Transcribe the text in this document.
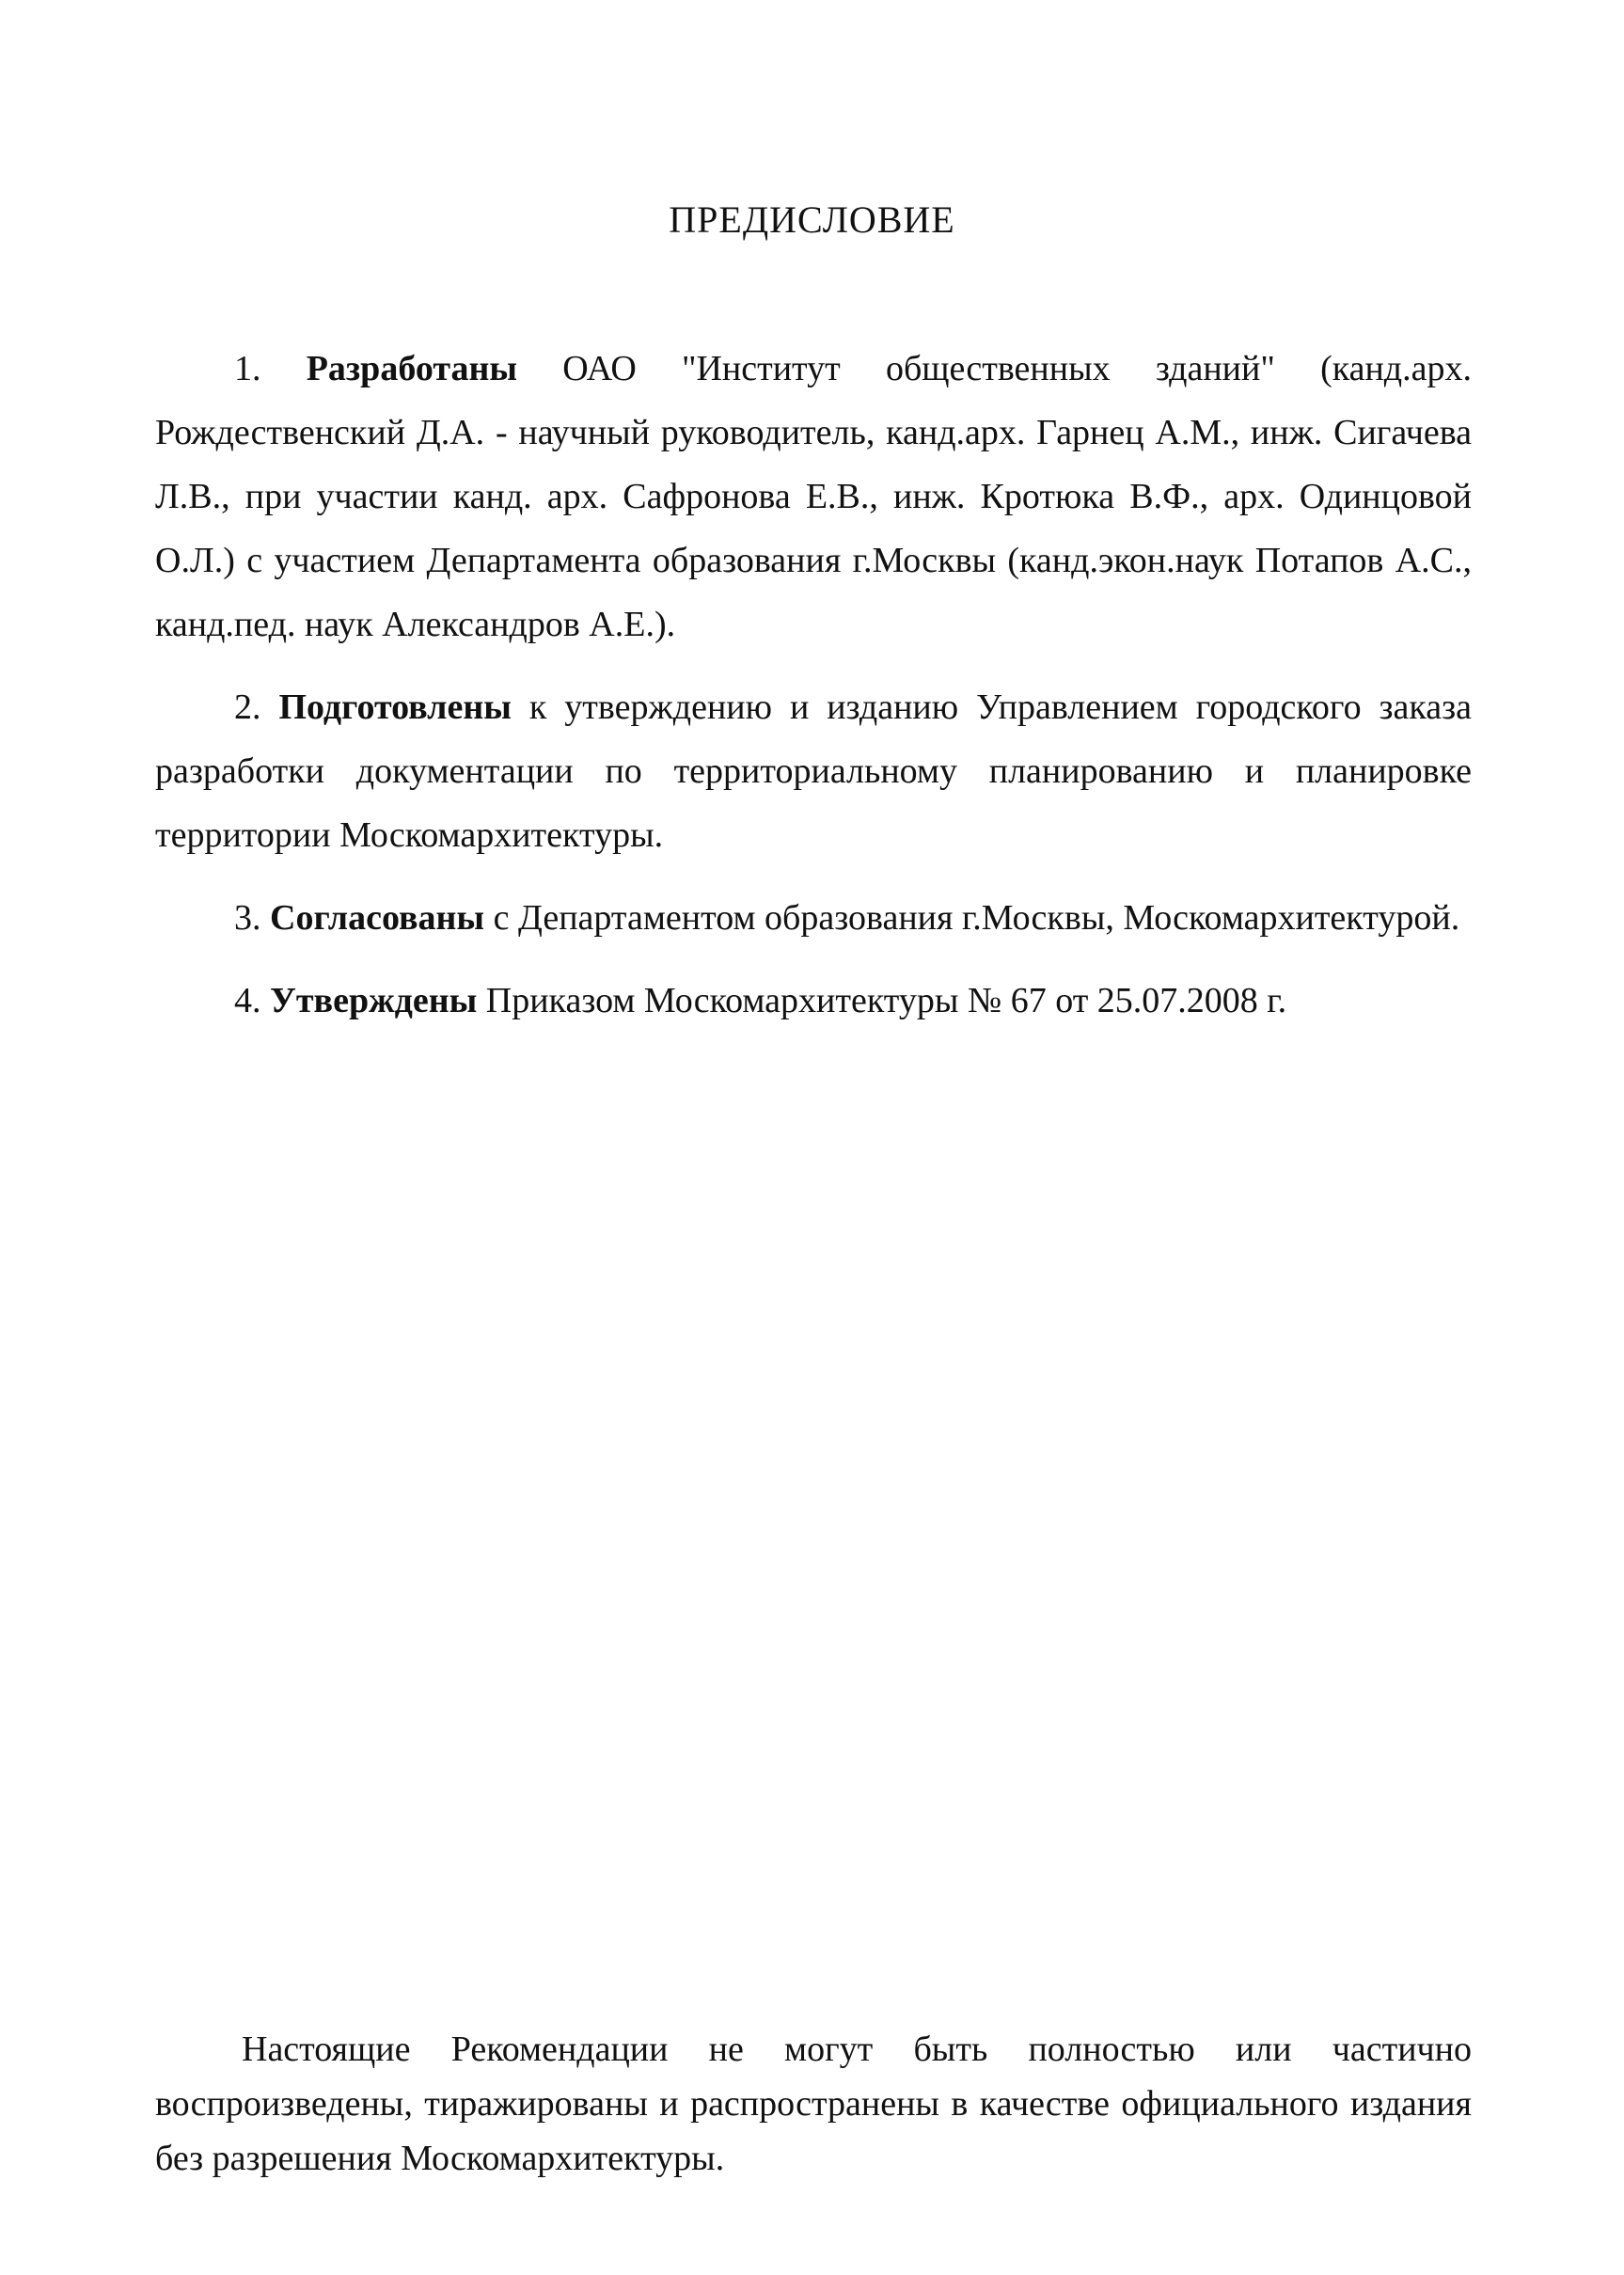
ПРЕДИСЛОВИЕ

1. Разработаны ОАО "Институт общественных зданий" (канд.арх. Рождественский Д.А. - научный руководитель, канд.арх. Гарнец А.М., инж. Сигачева Л.В., при участии канд. арх. Сафронова Е.В., инж. Кротюка В.Ф., арх. Одинцовой О.Л.) с участием Департамента образования г.Москвы (канд.экон.наук Потапов А.С., канд.пед. наук Александров А.Е.).

2. Подготовлены к утверждению и изданию Управлением городского заказа разработки документации по территориальному планированию и планировке территории Москомархитектуры.

3. Согласованы с Департаментом образования г.Москвы, Москомархитектурой.

4. Утверждены Приказом Москомархитектуры № 67 от 25.07.2008 г.

Настоящие Рекомендации не могут быть полностью или частично воспроизведены, тиражированы и распространены в качестве официального издания без разрешения Москомархитектуры.
